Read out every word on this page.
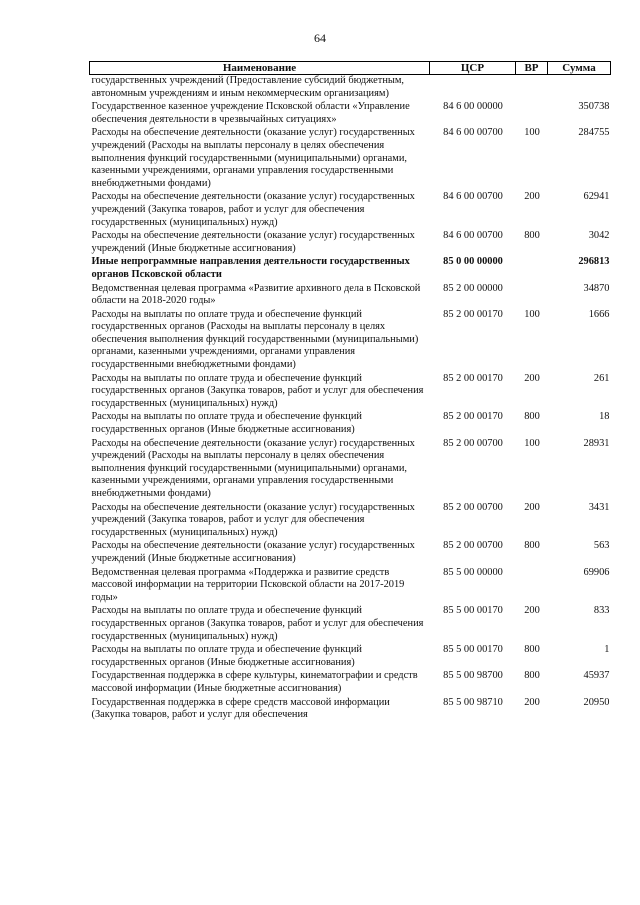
64
Наименование	ЦСР	ВР	Сумма
государственных учреждений (Предоставление субсидий бюджетным, автономным учреждениям и иным некоммерческим организациям)			
Государственное казенное учреждение Псковской области «Управление обеспечения деятельности в чрезвычайных ситуациях»	84 6 00 00000		350738
Расходы на обеспечение деятельности (оказание услуг) государственных учреждений (Расходы на выплаты персоналу в целях обеспечения выполнения функций государственными (муниципальными) органами, казенными учреждениями, органами управления государственными внебюджетными фондами)	84 6 00 00700	100	284755
Расходы на обеспечение деятельности (оказание услуг) государственных учреждений (Закупка товаров, работ и услуг для обеспечения государственных (муниципальных) нужд)	84 6 00 00700	200	62941
Расходы на обеспечение деятельности (оказание услуг) государственных учреждений (Иные бюджетные ассигнования)	84 6 00 00700	800	3042
Иные непрограммные направления деятельности государственных органов Псковской области	85 0 00 00000		296813
Ведомственная целевая программа «Развитие архивного дела в Псковской области на 2018-2020 годы»	85 2 00 00000		34870
Расходы на выплаты по оплате труда и обеспечение функций государственных органов (Расходы на выплаты персоналу в целях обеспечения выполнения функций государственными (муниципальными) органами, казенными учреждениями, органами управления государственными внебюджетными фондами)	85 2 00 00170	100	1666
Расходы на выплаты по оплате труда и обеспечение функций государственных органов (Закупка товаров, работ и услуг для обеспечения государственных (муниципальных) нужд)	85 2 00 00170	200	261
Расходы на выплаты по оплате труда и обеспечение функций государственных органов (Иные бюджетные ассигнования)	85 2 00 00170	800	18
Расходы на обеспечение деятельности (оказание услуг) государственных учреждений (Расходы на выплаты персоналу в целях обеспечения выполнения функций государственными (муниципальными) органами, казенными учреждениями, органами управления государственными внебюджетными фондами)	85 2 00 00700	100	28931
Расходы на обеспечение деятельности (оказание услуг) государственных учреждений (Закупка товаров, работ и услуг для обеспечения государственных (муниципальных) нужд)	85 2 00 00700	200	3431
Расходы на обеспечение деятельности (оказание услуг) государственных учреждений (Иные бюджетные ассигнования)	85 2 00 00700	800	563
Ведомственная целевая программа «Поддержка и развитие средств массовой информации на территории Псковской области на 2017-2019 годы»	85 5 00 00000		69906
Расходы на выплаты по оплате труда и обеспечение функций государственных органов (Закупка товаров, работ и услуг для обеспечения государственных (муниципальных) нужд)	85 5 00 00170	200	833
Расходы на выплаты по оплате труда и обеспечение функций государственных органов (Иные бюджетные ассигнования)	85 5 00 00170	800	1
Государственная поддержка в сфере культуры, кинематографии и средств массовой информации (Иные бюджетные ассигнования)	85 5 00 98700	800	45937
Государственная поддержка в сфере средств массовой информации (Закупка товаров, работ и услуг для обеспечения	85 5 00 98710	200	20950
